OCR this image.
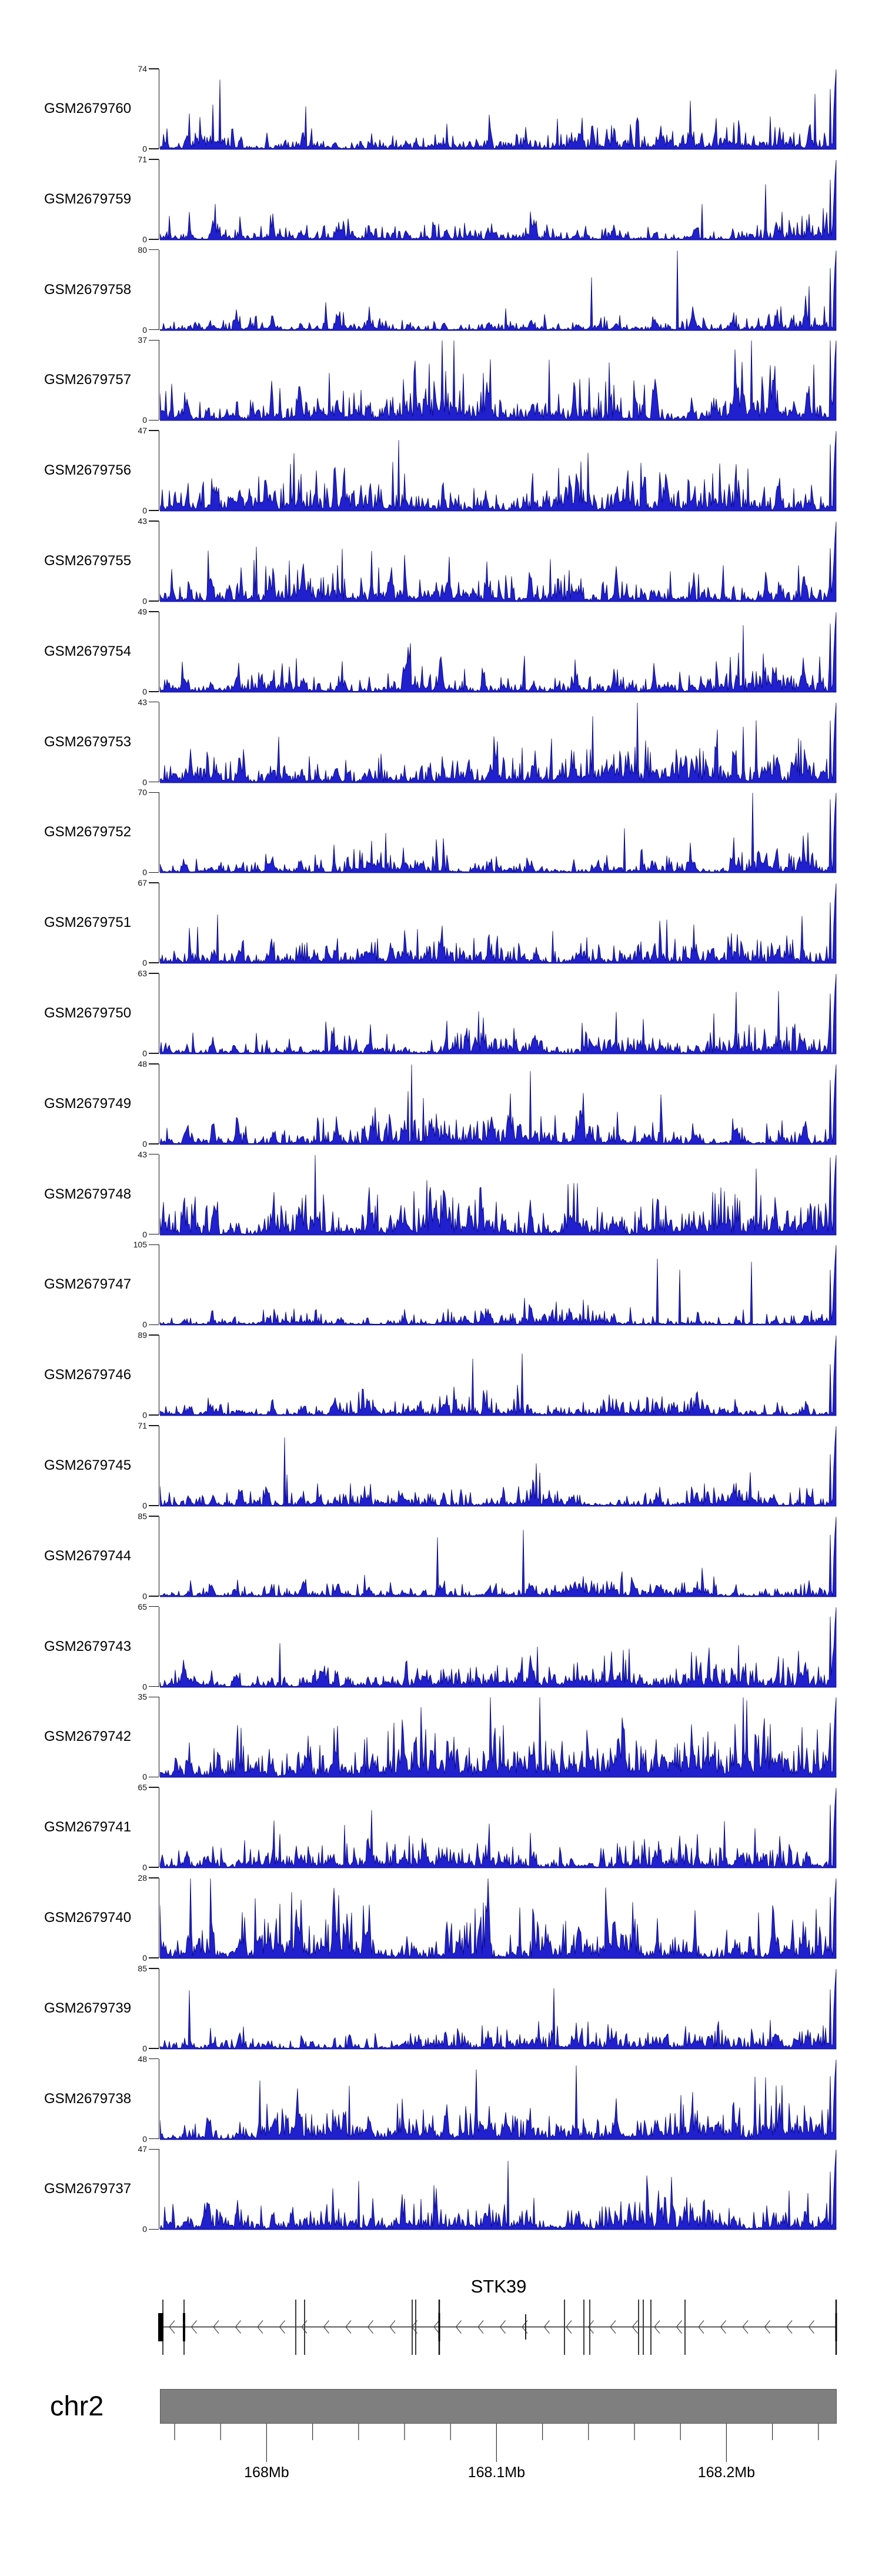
GSM2679760
74
0
GSM2679759
71
0
GSM2679758
80
0
GSM2679757
37
0
GSM2679756
47
0
GSM2679755
43
0
GSM2679754
49
0
GSM2679753
43
0
GSM2679752
70
0
GSM2679751
67
0
GSM2679750
63
0
GSM2679749
48
0
GSM2679748
43
0
GSM2679747
105
0
GSM2679746
89
0
GSM2679745
71
0
GSM2679744
85
0
GSM2679743
65
0
GSM2679742
35
0
GSM2679741
65
0
GSM2679740
28
0
GSM2679739
85
0
GSM2679738
48
0
GSM2679737
47
0
STK39
chr2
168Mb	168.1Mb	168.2Mb
